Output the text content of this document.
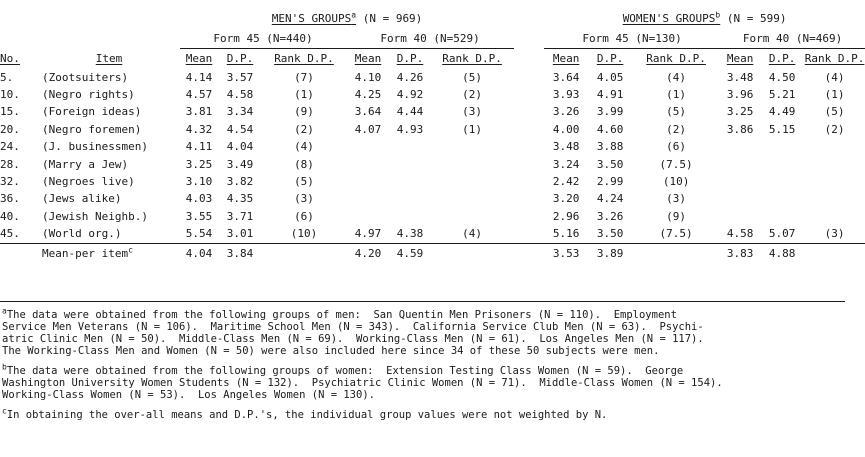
		MEN'S GROUPS$^a$ (N = 969)							WOMEN'S GROUPS$^b$ (N = 599)					
		Form 45 (N=440)			Form 40 (N=529)				Form 45 (N=130)			Form 40 (N=469)		
No.	Item	Mean	D.P.	Rank D.P.	Mean	D.P.	Rank D.P.		Mean	D.P.	Rank D.P.	Mean	D.P.	Rank D.P.
5.	(Zootsuiters)	4.14	3.57	(7)	4.10	4.26	(5)		3.64	4.05	(4)	3.48	4.50	(4)
10.	(Negro rights)	4.57	4.58	(1)	4.25	4.92	(2)		3.93	4.91	(1)	3.96	5.21	(1)
15.	(Foreign ideas)	3.81	3.34	(9)	3.64	4.44	(3)		3.26	3.99	(5)	3.25	4.49	(5)
20.	(Negro foremen)	4.32	4.54	(2)	4.07	4.93	(1)		4.00	4.60	(2)	3.86	5.15	(2)
24.	(J. businessmen)	4.11	4.04	(4)					3.48	3.88	(6)			
28.	(Marry a Jew)	3.25	3.49	(8)					3.24	3.50	(7.5)			
32.	(Negroes live)	3.10	3.82	(5)					2.42	2.99	(10)			
36.	(Jews alike)	4.03	4.35	(3)					3.20	4.24	(3)			
40.	(Jewish Neighb.)	3.55	3.71	(6)					2.96	3.26	(9)			
45.	(World org.)	5.54	3.01	(10)	4.97	4.38	(4)		5.16	3.50	(7.5)	4.58	5.07	(3)
	Mean-per item$^c$	4.04	3.84		4.20	4.59			3.53	3.89		3.83	4.88	

$^a$The data were obtained from the following groups of men:  San Quentin Men Prisoners (N = 110).  Employment
Service Men Veterans (N = 106).  Maritime School Men (N = 343).  California Service Club Men (N = 63).  Psychi-
atric Clinic Men (N = 50).  Middle-Class Men (N = 69).  Working-Class Men (N = 61).  Los Angeles Men (N = 117).
The Working-Class Men and Women (N = 50) were also included here since 34 of these 50 subjects were men.

$^b$The data were obtained from the following groups of women:  Extension Testing Class Women (N = 59).  George
Washington University Women Students (N = 132).  Psychiatric Clinic Women (N = 71).  Middle-Class Women (N = 154).
Working-Class Women (N = 53).  Los Angeles Women (N = 130).

$^c$In obtaining the over-all means and D.P.'s, the individual group values were not weighted by N.
